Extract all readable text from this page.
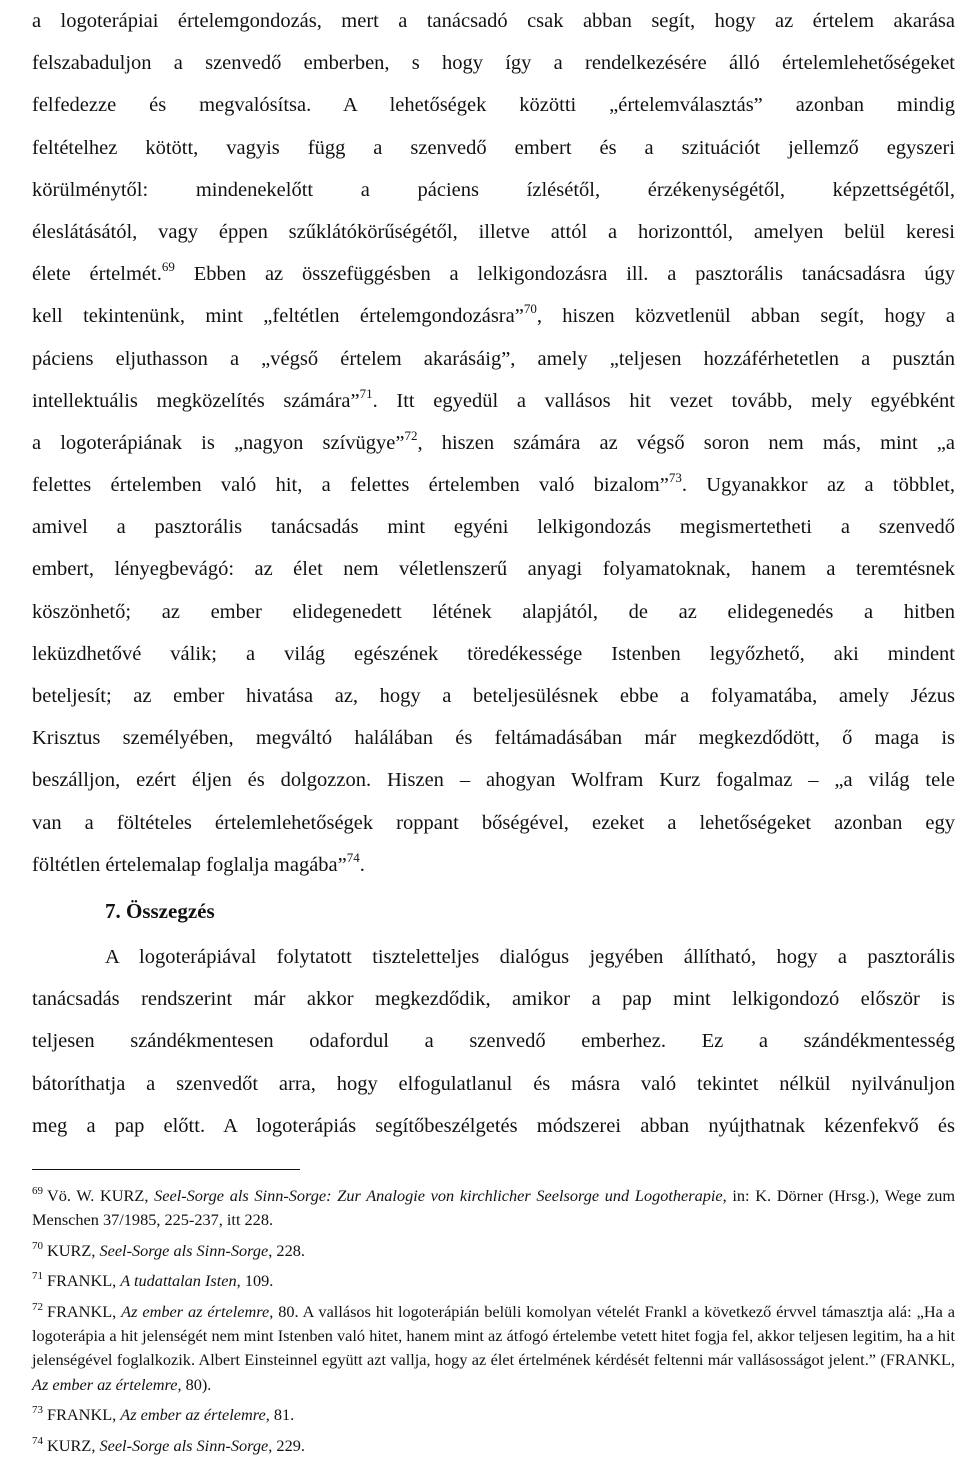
a logoterápiai értelemgondozás, mert a tanácsadó csak abban segít, hogy az értelem akarása
felszabaduljon a szenvedő emberben, s hogy így a rendelkezésére álló értelemlehetőségeket
felfedezze és megvalósítsa. A lehetőségek közötti „értelemválasztás” azonban mindig
feltételhez kötött, vagyis függ a szenvedő embert és a szituációt jellemző egyszeri
körülménytől: mindenekelőtt a páciens ízlésétől, érzékenységétől, képzettségétől,
éleslátásától, vagy éppen szűklátókörűségétől, illetve attól a horizonttól, amelyen belül keresi
élete értelmét.$^{69}$ Ebben az összefüggésben a lelkigondozásra ill. a pasztorális tanácsadásra úgy
kell tekintenünk, mint „feltétlen értelemgondozásra”$^{70}$, hiszen közvetlenül abban segít, hogy a
páciens eljuthasson a „végső értelem akarásáig”, amely „teljesen hozzáférhetetlen a pusztán
intellektuális megközelítés számára”$^{71}$. Itt egyedül a vallásos hit vezet tovább, mely egyébként
a logoterápiának is „nagyon szívügye”$^{72}$, hiszen számára az végső soron nem más, mint „a
felettes értelemben való hit, a felettes értelemben való bizalom”$^{73}$. Ugyanakkor az a többlet,
amivel a pasztorális tanácsadás mint egyéni lelkigondozás megismertetheti a szenvedő
embert, lényegbevágó: az élet nem véletlenszerű anyagi folyamatoknak, hanem a teremtésnek
köszönhető; az ember elidegenedett létének alapjától, de az elidegenedés a hitben
leküzdhetővé válik; a világ egészének töredékessége Istenben legyőzhető, aki mindent
beteljesít; az ember hivatása az, hogy a beteljesülésnek ebbe a folyamatába, amely Jézus
Krisztus személyében, megváltó halálában és feltámadásában már megkezdődött, ő maga is
beszálljon, ezért éljen és dolgozzon. Hiszen – ahogyan Wolfram Kurz fogalmaz – „a világ tele
van a föltételes értelemlehetőségek roppant bőségével, ezeket a lehetőségeket azonban egy
föltétlen értelemalap foglalja magába”$^{74}$.
7. Összegzés
A logoterápiával folytatott tiszteletteljes dialógus jegyében állítható, hogy a pasztorális
tanácsadás rendszerint már akkor megkezdődik, amikor a pap mint lelkigondozó először is
teljesen szándékmentesen odafordul a szenvedő emberhez. Ez a szándékmentesség
bátoríthatja a szenvedőt arra, hogy elfogulatlanul és másra való tekintet nélkül nyilvánuljon
meg a pap előtt. A logoterápiás segítőbeszélgetés módszerei abban nyújthatnak kézenfekvő és
$^{69}$ Vö. W. KURZ, Seel-Sorge als Sinn-Sorge: Zur Analogie von kirchlicher Seelsorge und Logotherapie, in: K. Dörner (Hrsg.), Wege zum Menschen 37/1985, 225-237, itt 228.
$^{70}$ KURZ, Seel-Sorge als Sinn-Sorge, 228.
$^{71}$ FRANKL, A tudattalan Isten, 109.
$^{72}$ FRANKL, Az ember az értelemre, 80. A vallásos hit logoterápián belüli komolyan vételét Frankl a következő érvvel támasztja alá: „Ha a logoterápia a hit jelenségét nem mint Istenben való hitet, hanem mint az átfogó értelembe vetett hitet fogja fel, akkor teljesen legitim, ha a hit jelenségével foglalkozik. Albert Einsteinnel együtt azt vallja, hogy az élet értelmének kérdését feltenni már vallásosságot jelent.” (FRANKL, Az ember az értelemre, 80).
$^{73}$ FRANKL, Az ember az értelemre, 81.
$^{74}$ KURZ, Seel-Sorge als Sinn-Sorge, 229.
